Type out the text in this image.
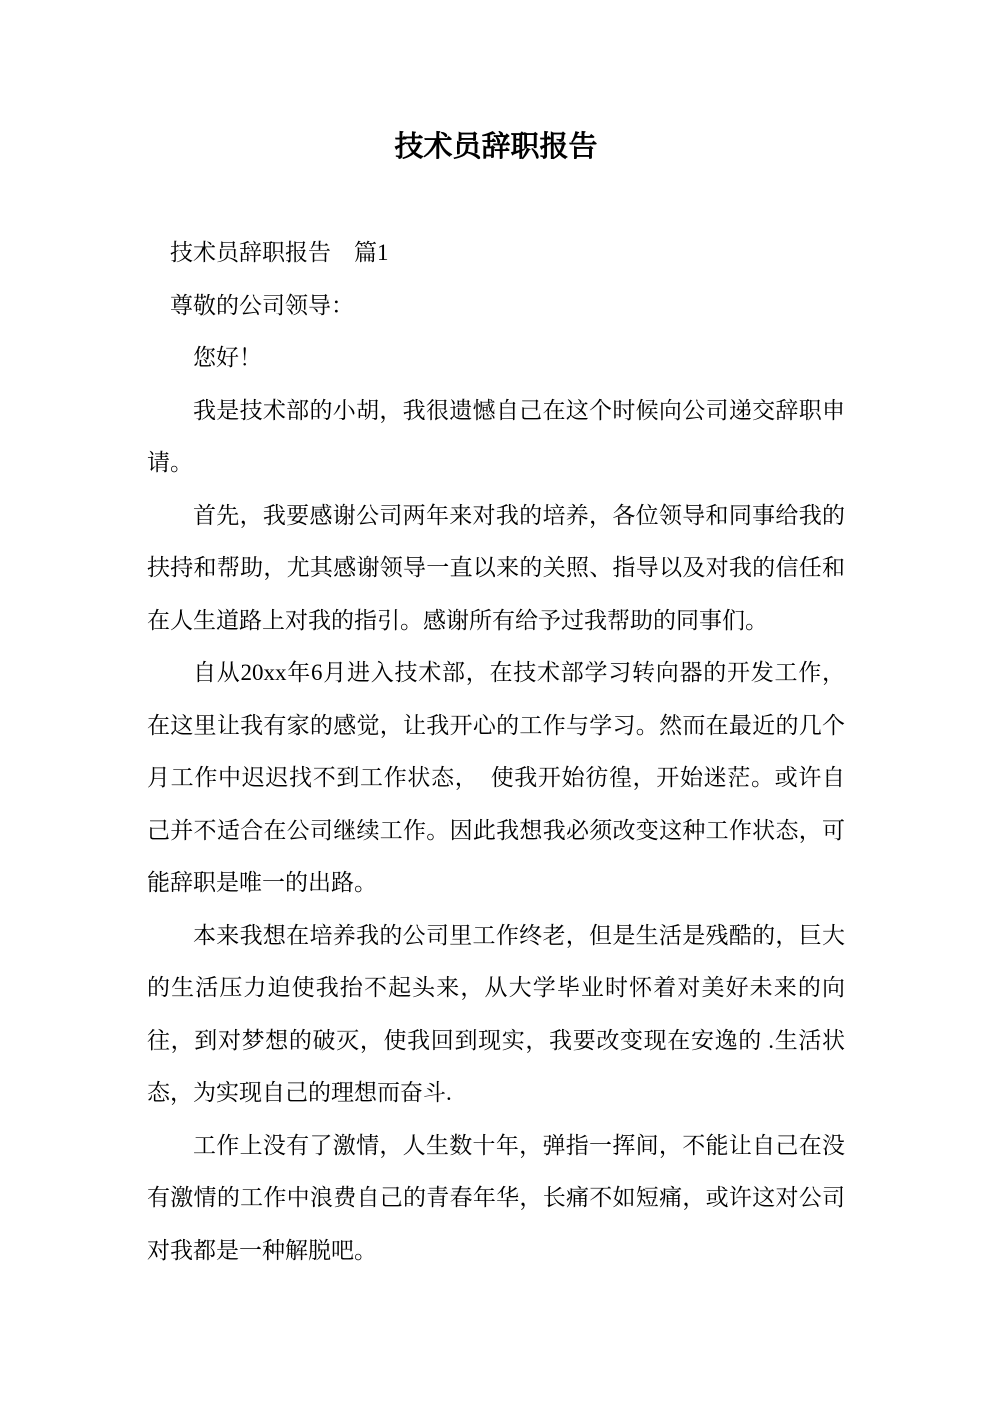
技术员辞职报告

技术员辞职报告　篇1

尊敬的公司领导：

您好！

我是技术部的小胡，我很遗憾自己在这个时候向公司递交辞职申请。

首先，我要感谢公司两年来对我的培养，各位领导和同事给我的扶持和帮助，尤其感谢领导一直以来的关照、指导以及对我的信任和在人生道路上对我的指引。感谢所有给予过我帮助的同事们。

自从20xx年6月进入技术部，在技术部学习转向器的开发工作，在这里让我有家的感觉，让我开心的工作与学习。然而在最近的几个月工作中迟迟找不到工作状态，　使我开始彷徨，开始迷茫。或许自己并不适合在公司继续工作。因此我想我必须改变这种工作状态，可能辞职是唯一的出路。

本来我想在培养我的公司里工作终老，但是生活是残酷的，巨大的生活压力迫使我抬不起头来，从大学毕业时怀着对美好未来的向往，到对梦想的破灭，使我回到现实，我要改变现在安逸的 .生活状态，为实现自己的理想而奋斗.

工作上没有了激情，人生数十年，弹指一挥间，不能让自己在没有激情的工作中浪费自己的青春年华，长痛不如短痛，或许这对公司对我都是一种解脱吧。
